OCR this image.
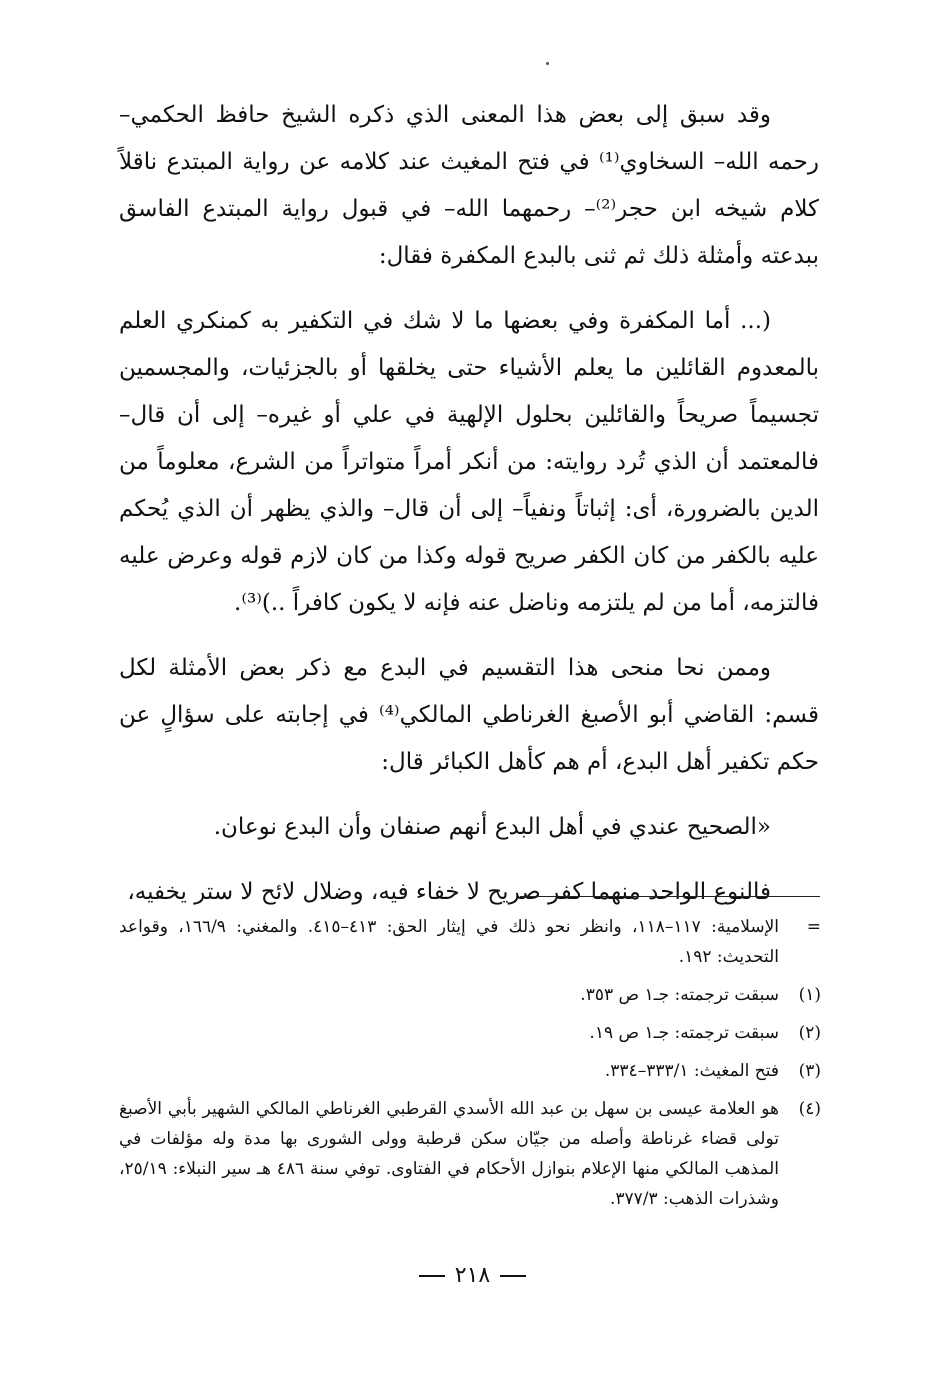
وقد سبق إلى بعض هذا المعنى الذي ذكره الشيخ حافظ الحكمي– رحمه الله– السخاوي⁽¹⁾ في فتح المغيث عند كلامه عن رواية المبتدع ناقلاً كلام شيخه ابن حجر⁽²⁾– رحمهما الله– في قبول رواية المبتدع الفاسق ببدعته وأمثلة ذلك ثم ثنى بالبدع المكفرة فقال:

(... أما المكفرة وفي بعضها ما لا شك في التكفير به كمنكري العلم بالمعدوم القائلين ما يعلم الأشياء حتى يخلقها أو بالجزئيات، والمجسمين تجسيماً صريحاً والقائلين بحلول الإلهية في علي أو غيره– إلى أن قال– فالمعتمد أن الذي تُرد روايته: من أنكر أمراً متواتراً من الشرع، معلوماً من الدين بالضرورة، أى: إثباتاً ونفياً– إلى أن قال– والذي يظهر أن الذي يُحكم عليه بالكفر من كان الكفر صريح قوله وكذا من كان لازم قوله وعرض عليه فالتزمه، أما من لم يلتزمه وناضل عنه فإنه لا يكون كافراً ..)⁽³⁾.

وممن نحا منحى هذا التقسيم في البدع مع ذكر بعض الأمثلة لكل قسم: القاضي أبو الأصبغ الغرناطي المالكي⁽⁴⁾ في إجابته على سؤالٍ عن حكم تكفير أهل البدع، أم هم كأهل الكبائر قال:

«الصحيح عندي في أهل البدع أنهم صنفان وأن البدع نوعان.

فالنوع الواحد منهما كفر صريح لا خفاء فيه، وضلال لائح لا ستر يخفيه،

=
الإسلامية: ١١٧–١١٨، وانظر نحو ذلك في إيثار الحق: ٤١٣–٤١٥. والمغني: ١٦٦/٩، وقواعد التحديث: ١٩٢.
(١)
سبقت ترجمته: جـ١ ص ٣٥٣.
(٢)
سبقت ترجمته: جـ١ ص ١٩.
(٣)
فتح المغيث: ٣٣٣/١–٣٣٤.
(٤)
هو العلامة عيسى بن سهل بن عبد الله الأسدي القرطبي الغرناطي المالكي الشهير بأبي الأصبغ تولى قضاء غرناطة وأصله من جيّان سكن قرطبة وولى الشورى بها مدة وله مؤلفات في المذهب المالكي منها الإعلام بنوازل الأحكام في الفتاوى. توفي سنة ٤٨٦ هـ سير النبلاء: ٢٥/١٩، وشذرات الذهب: ٣٧٧/٣.
٢١٨
